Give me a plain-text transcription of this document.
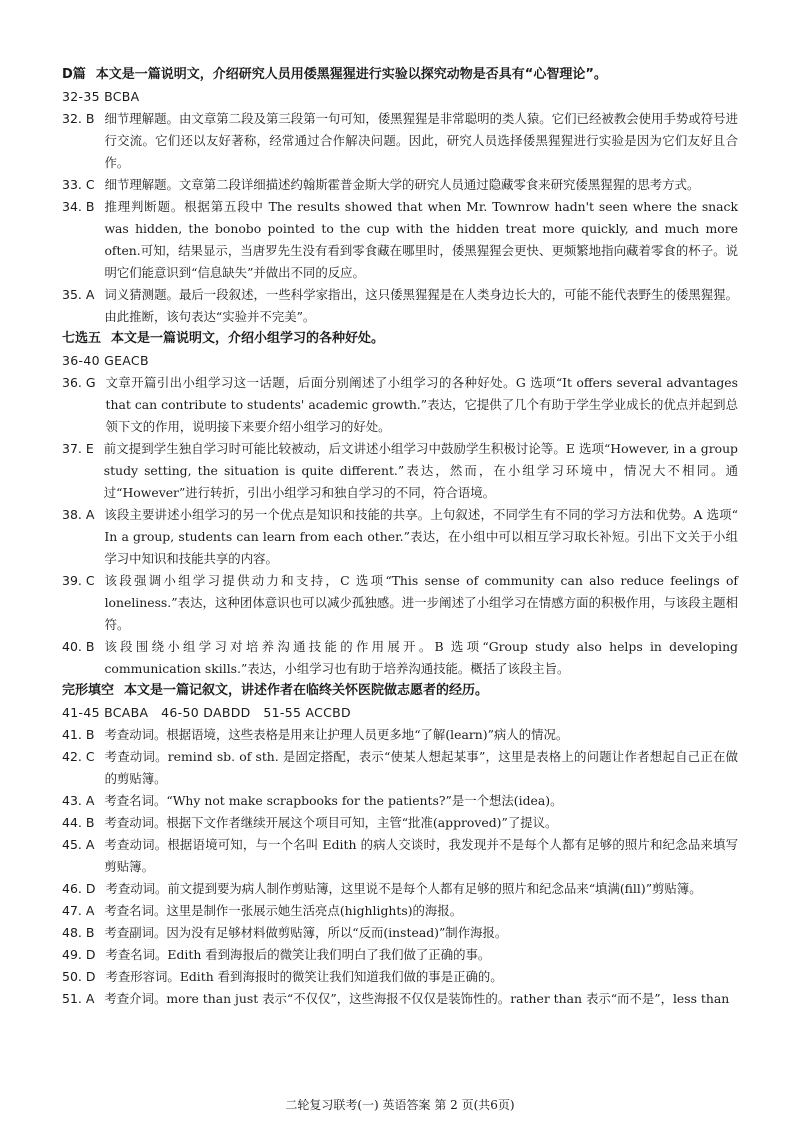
D篇 本文是一篇说明文，介绍研究人员用倭黑猩猩进行实验以探究动物是否具有“心智理论”。
32-35 BCBA
32. B 细节理解题。由文章第二段及第三段第一句可知，倭黑猩猩是非常聪明的类人猿。它们已经被教会使用手势或符号进行交流。它们还以友好著称，经常通过合作解决问题。因此，研究人员选择倭黑猩猩进行实验是因为它们友好且合作。
33. C 细节理解题。文章第二段详细描述约翰斯霍普金斯大学的研究人员通过隐藏零食来研究倭黑猩猩的思考方式。
34. B 推理判断题。根据第五段中 The results showed that when Mr. Townrow hadn't seen where the snack was hidden, the bonobo pointed to the cup with the hidden treat more quickly, and much more often.可知，结果显示，当唐罗先生没有看到零食藏在哪里时，倭黑猩猩会更快、更频繁地指向藏着零食的杯子。说明它们能意识到“信息缺失”并做出不同的反应。
35. A 词义猜测题。最后一段叙述，一些科学家指出，这只倭黑猩猩是在人类身边长大的，可能不能代表野生的倭黑猩猩。由此推断，该句表达“实验并不完美”。
七选五 本文是一篇说明文，介绍小组学习的各种好处。
36-40 GEACB
36. G 文章开篇引出小组学习这一话题，后面分别阐述了小组学习的各种好处。G 选项“It offers several advantages that can contribute to students' academic growth.”表达，它提供了几个有助于学生学业成长的优点并起到总领下文的作用，说明接下来要介绍小组学习的好处。
37. E 前文提到学生独自学习时可能比较被动，后文讲述小组学习中鼓励学生积极讨论等。E 选项“However, in a group study setting, the situation is quite different.”表达，然而，在小组学习环境中，情况大不相同。通过“However”进行转折，引出小组学习和独自学习的不同，符合语境。
38. A 该段主要讲述小组学习的另一个优点是知识和技能的共享。上句叙述，不同学生有不同的学习方法和优势。A 选项“ In a group, students can learn from each other.”表达，在小组中可以相互学习取长补短。引出下文关于小组学习中知识和技能共享的内容。
39. C 该段强调小组学习提供动力和支持，C 选项“This sense of community can also reduce feelings of loneliness.”表达，这种团体意识也可以减少孤独感。进一步阐述了小组学习在情感方面的积极作用，与该段主题相符。
40. B 该段围绕小组学习对培养沟通技能的作用展开。B 选项“Group study also helps in developing communication skills.”表达，小组学习也有助于培养沟通技能。概括了该段主旨。
完形填空 本文是一篇记叙文，讲述作者在临终关怀医院做志愿者的经历。
41-45 BCABA   46-50 DABDD   51-55 ACCBD
41. B 考查动词。根据语境，这些表格是用来让护理人员更多地“了解(learn)”病人的情况。
42. C 考查动词。remind sb. of sth. 是固定搭配，表示“使某人想起某事”，这里是表格上的问题让作者想起自己正在做的剪贴簿。
43. A 考查名词。“Why not make scrapbooks for the patients?”是一个想法(idea)。
44. B 考查动词。根据下文作者继续开展这个项目可知，主管“批准(approved)”了提议。
45. A 考查动词。根据语境可知，与一个名叫 Edith 的病人交谈时，我发现并不是每个人都有足够的照片和纪念品来填写剪贴簿。
46. D 考查动词。前文提到要为病人制作剪贴簿，这里说不是每个人都有足够的照片和纪念品来“填满(fill)”剪贴簿。
47. A 考查名词。这里是制作一张展示她生活亮点(highlights)的海报。
48. B 考查副词。因为没有足够材料做剪贴簿，所以“反而(instead)”制作海报。
49. D 考查名词。Edith 看到海报后的微笑让我们明白了我们做了正确的事。
50. D 考查形容词。Edith 看到海报时的微笑让我们知道我们做的事是正确的。
51. A 考查介词。more than just 表示“不仅仅”，这些海报不仅仅是装饰性的。rather than 表示“而不是”，less than
二轮复习联考(一) 英语答案 第 2 页(共6页)
